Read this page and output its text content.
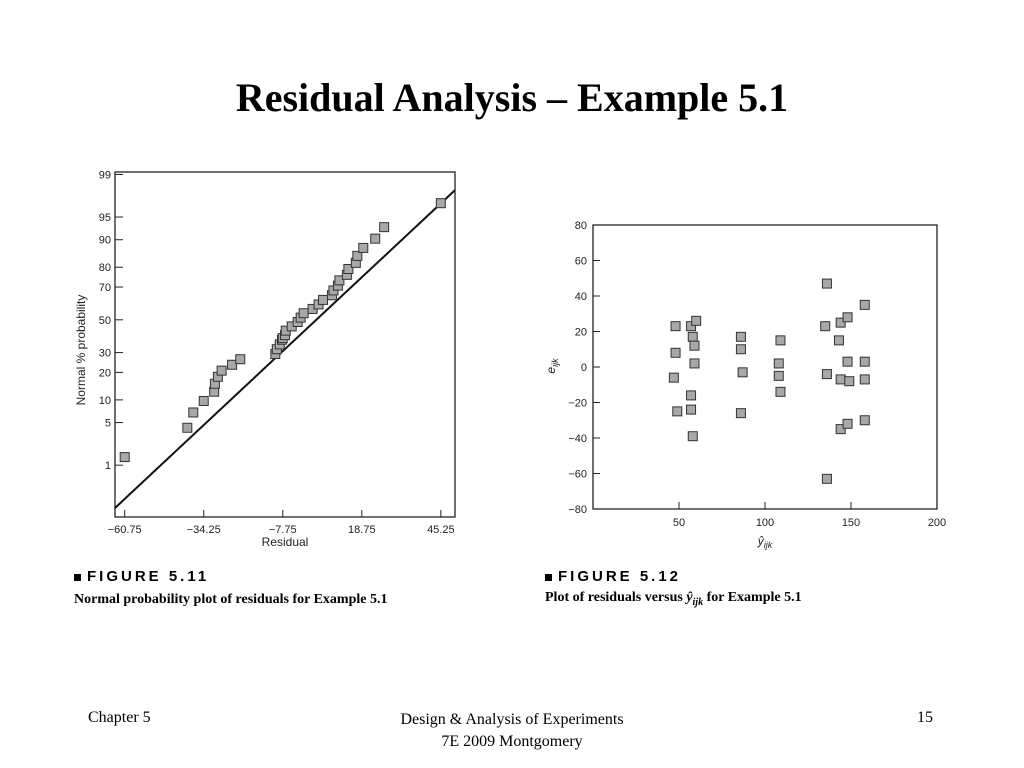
Residual Analysis – Example 5.1
1
5
10
20
30
50
70
80
90
95
99
−60.75	−34.25	−7.75	18.75	45.25
Residual
Normal % probability
80
60
40
20
0
−20
−40
−60
−80
50	100	150	200
$ŷ_{ijk}$
$e_{ijk}$
FIGURE 5.11
Normal probability plot of residuals for Example 5.1
FIGURE 5.12
Plot of residuals versus $ŷ_{ijk}$ for Example 5.1
Chapter 5	Design & Analysis of Experiments
7E 2009 Montgomery
15
